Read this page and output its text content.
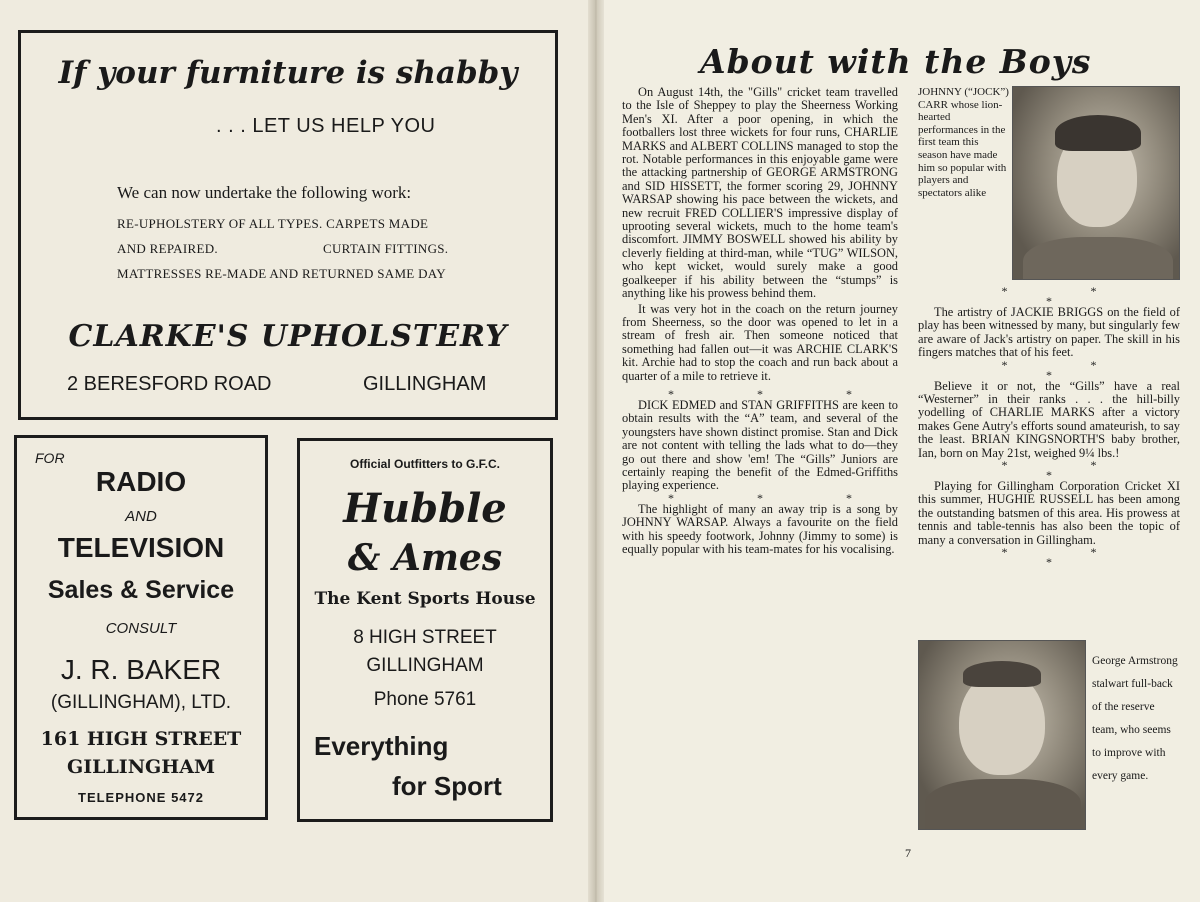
If your furniture is shabby
. . . LET US HELP YOU
We can now undertake the following work:
RE-UPHOLSTERY OF ALL TYPES. CARPETS MADE
AND REPAIRED.	CURTAIN FITTINGS.
MATTRESSES RE-MADE AND RETURNED SAME DAY
CLARKE'S UPHOLSTERY
2 BERESFORD ROAD	GILLINGHAM
FOR
RADIO
AND
TELEVISION
Sales & Service
CONSULT
J. R. BAKER
(GILLINGHAM), LTD.
161 HIGH STREET
GILLINGHAM
TELEPHONE 5472
Official Outfitters to G.F.C.
Hubble
& Ames
The Kent Sports House
8 HIGH STREET
GILLINGHAM
Phone 5761
Everything
for Sport
About with the Boys

On August 14th, the "Gills" cricket team travelled to the Isle of Sheppey to play the Sheerness Working Men's XI. After a poor opening, in which the footballers lost three wickets for four runs, CHARLIE MARKS and ALBERT COLLINS managed to stop the rot. Notable performances in this enjoyable game were the attacking partnership of GEORGE ARMSTRONG and SID HISSETT, the former scoring 29, JOHNNY WARSAP showing his pace between the wickets, and new recruit FRED COLLIER'S impressive display of uprooting several wickets, much to the home team's discomfort. JIMMY BOSWELL showed his ability by cleverly fielding at third-man, while “TUG” WILSON, who kept wicket, would surely make a good goalkeeper if his ability between the “stumps” is anything like his prowess behind them.

It was very hot in the coach on the return journey from Sheerness, so the door was opened to let in a stream of fresh air. Then someone noticed that something had fallen out—it was ARCHIE CLARK'S kit. Archie had to stop the coach and run back about a quarter of a mile to retrieve it.

* * *

DICK EDMED and STAN GRIFFITHS are keen to obtain results with the “A” team, and several of the youngsters have shown distinct promise. Stan and Dick are not content with telling the lads what to do—they go out there and show 'em! The “Gills” Juniors are certainly reaping the benefit of the Edmed-Griffiths playing experience.

* * *

The highlight of many an away trip is a song by JOHNNY WARSAP. Always a favourite on the field with his speedy footwork, Johnny (Jimmy to some) is equally popular with his team-mates for his vocalising.

JOHNNY (“JOCK”) CARR whose lion-hearted performances in the first team this season have made him so popular with players and spectators alike
* * *

The artistry of JACKIE BRIGGS on the field of play has been witnessed by many, but singularly few are aware of Jack's artistry on paper. The skill in his fingers matches that of his feet.

* * *

Believe it or not, the “Gills” have a real “Westerner” in their ranks . . . the hill-billy yodelling of CHARLIE MARKS after a victory makes Gene Autry's efforts sound amateurish, to say the least. BRIAN KINGSNORTH'S baby brother, Ian, born on May 21st, weighed 9¼ lbs.!

* * *

Playing for Gillingham Corporation Cricket XI this summer, HUGHIE RUSSELL has been among the outstanding batsmen of this area. His prowess at tennis and table-tennis has also been the topic of many a conversation in Gillingham.

* * *
George Armstrong stalwart full-back of the reserve team, who seems to improve with every game.
7
